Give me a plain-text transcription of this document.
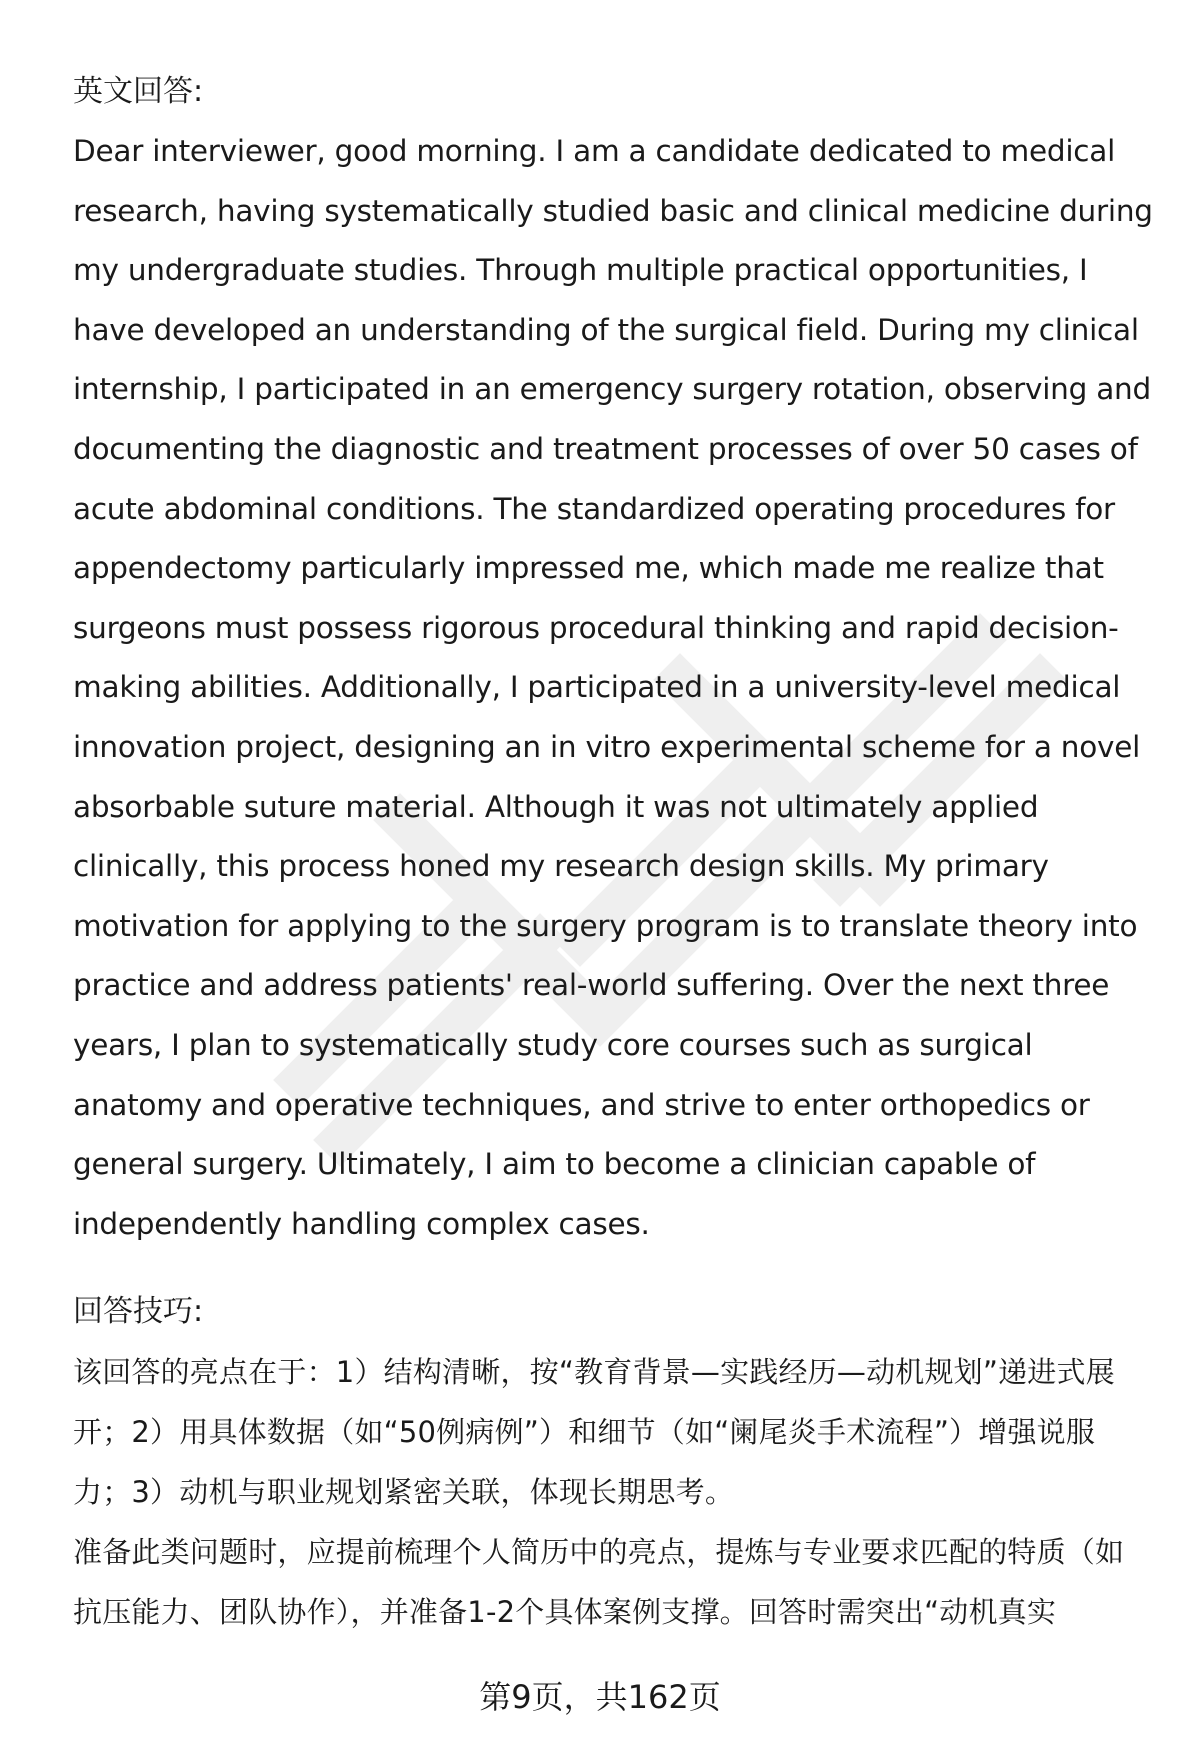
英文回答:

Dear interviewer, good morning. I am a candidate dedicated to medical research, having systematically studied basic and clinical medicine during my undergraduate studies. Through multiple practical opportunities, I have developed an understanding of the surgical field. During my clinical internship, I participated in an emergency surgery rotation, observing and documenting the diagnostic and treatment processes of over 50 cases of acute abdominal conditions. The standardized operating procedures for appendectomy particularly impressed me, which made me realize that surgeons must possess rigorous procedural thinking and rapid decision-making abilities. Additionally, I participated in a university-level medical innovation project, designing an in vitro experimental scheme for a novel absorbable suture material. Although it was not ultimately applied clinically, this process honed my research design skills. My primary motivation for applying to the surgery program is to translate theory into practice and address patients' real-world suffering. Over the next three years, I plan to systematically study core courses such as surgical anatomy and operative techniques, and strive to enter orthopedics or general surgery. Ultimately, I aim to become a clinician capable of independently handling complex cases.

回答技巧:

该回答的亮点在于：1）结构清晰，按“教育背景—实践经历—动机规划”递进式展开；2）用具体数据（如“50例病例”）和细节（如“阑尾炎手术流程”）增强说服力；3）动机与职业规划紧密关联，体现长期思考。

准备此类问题时，应提前梳理个人简历中的亮点，提炼与专业要求匹配的特质（如抗压能力、团队协作），并准备1-2个具体案例支撑。回答时需突出“动机真实

第9页，共162页
